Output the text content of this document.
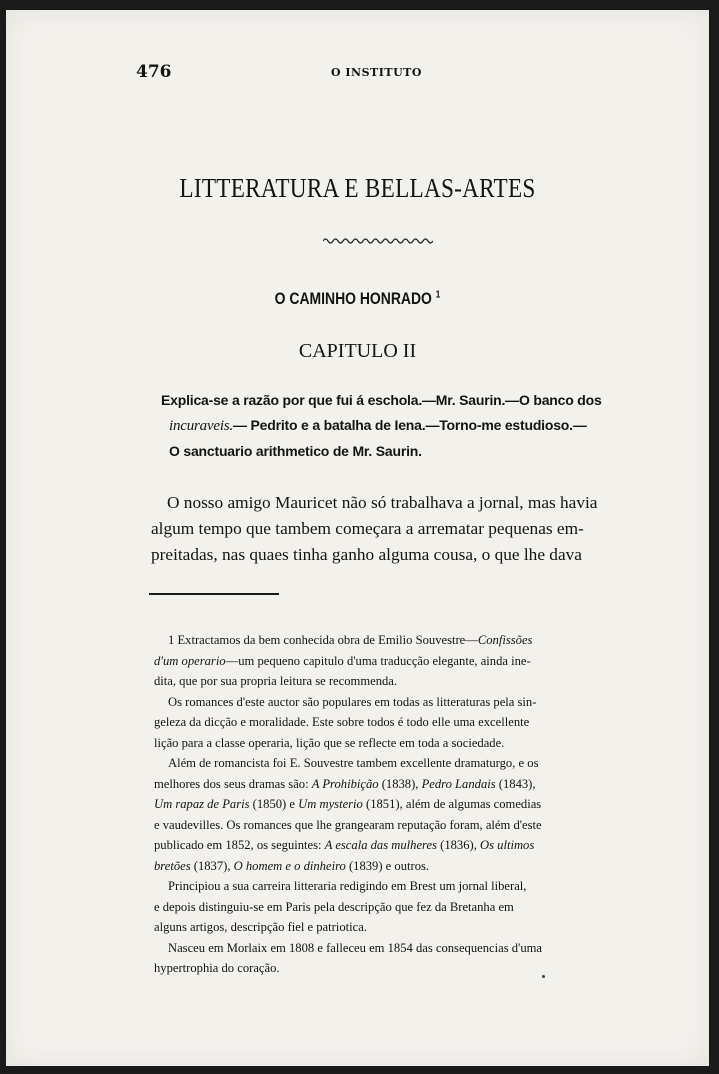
476	O INSTITUTO
LITTERATURA E BELLAS-ARTES
O CAMINHO HONRADO $^1$
CAPITULO II
Explica-se a razão por que fui á eschola.—Mr. Saurin.—O banco dos
incuraveis.— Pedrito e a batalha de Iena.—Torno-me estudioso.—
O sanctuario arithmetico de Mr. Saurin.
O nosso amigo Mauricet não só trabalhava a jornal, mas havia
algum tempo que tambem começara a arrematar pequenas em-
preitadas, nas quaes tinha ganho alguma cousa, o que lhe dava
1 Extractamos da bem conhecida obra de Emilio Souvestre—Confissões
d'um operario—um pequeno capitulo d'uma traducção elegante, ainda ine-
dita, que por sua propria leitura se recommenda.
Os romances d'este auctor são populares em todas as litteraturas pela sin-
geleza da dicção e moralidade. Este sobre todos é todo elle uma excellente
lição para a classe operaria, lição que se reflecte em toda a sociedade.
Além de romancista foi E. Souvestre tambem excellente dramaturgo, e os
melhores dos seus dramas são: A Prohibição (1838), Pedro Landais (1843),
Um rapaz de Paris (1850) e Um mysterio (1851), além de algumas comedias
e vaudevilles. Os romances que lhe grangearam reputação foram, além d'este
publicado em 1852, os seguintes: A escala das mulheres (1836), Os ultimos
bretões (1837), O homem e o dinheiro (1839) e outros.
Principiou a sua carreira litteraria redigindo em Brest um jornal liberal,
e depois distinguiu-se em Paris pela descripção que fez da Bretanha em
alguns artigos, descripção fiel e patriotica.
Nasceu em Morlaix em 1808 e falleceu em 1854 das consequencias d'uma
hypertrophia do coração.
